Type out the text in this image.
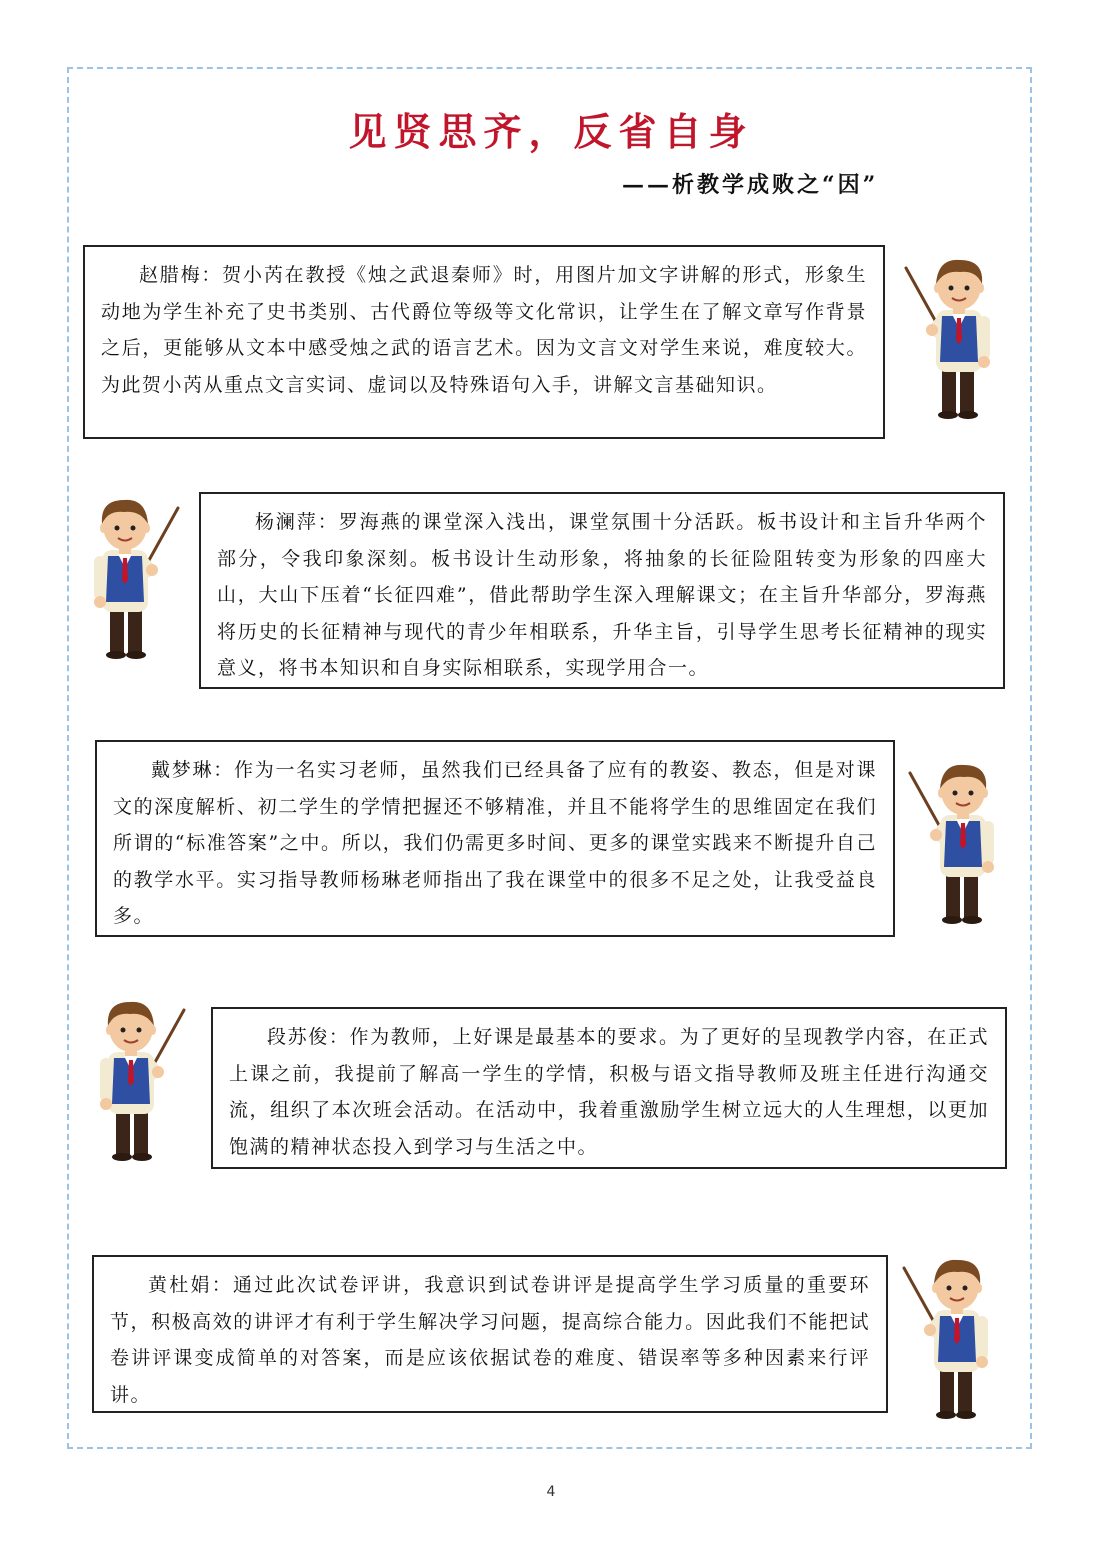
见贤思齐，反省自身
——析教学成败之“因”

赵腊梅：贺小芮在教授《烛之武退秦师》时，用图片加文字讲解的形式，形象生动地为学生补充了史书类别、古代爵位等级等文化常识，让学生在了解文章写作背景之后，更能够从文本中感受烛之武的语言艺术。因为文言文对学生来说，难度较大。为此贺小芮从重点文言实词、虚词以及特殊语句入手，讲解文言基础知识。

杨澜萍：罗海燕的课堂深入浅出，课堂氛围十分活跃。板书设计和主旨升华两个部分，令我印象深刻。板书设计生动形象，将抽象的长征险阻转变为形象的四座大山，大山下压着“长征四难”，借此帮助学生深入理解课文；在主旨升华部分，罗海燕将历史的长征精神与现代的青少年相联系，升华主旨，引导学生思考长征精神的现实意义，将书本知识和自身实际相联系，实现学用合一。

戴梦琳：作为一名实习老师，虽然我们已经具备了应有的教姿、教态，但是对课文的深度解析、初二学生的学情把握还不够精准，并且不能将学生的思维固定在我们所谓的“标准答案”之中。所以，我们仍需更多时间、更多的课堂实践来不断提升自己的教学水平。实习指导教师杨琳老师指出了我在课堂中的很多不足之处，让我受益良多。

段苏俊：作为教师，上好课是最基本的要求。为了更好的呈现教学内容，在正式上课之前，我提前了解高一学生的学情，积极与语文指导教师及班主任进行沟通交流，组织了本次班会活动。在活动中，我着重激励学生树立远大的人生理想，以更加饱满的精神状态投入到学习与生活之中。

黄杜娟：通过此次试卷评讲，我意识到试卷讲评是提高学生学习质量的重要环节，积极高效的讲评才有利于学生解决学习问题，提高综合能力。因此我们不能把试卷讲评课变成简单的对答案，而是应该依据试卷的难度、错误率等多种因素来行评讲。

4
